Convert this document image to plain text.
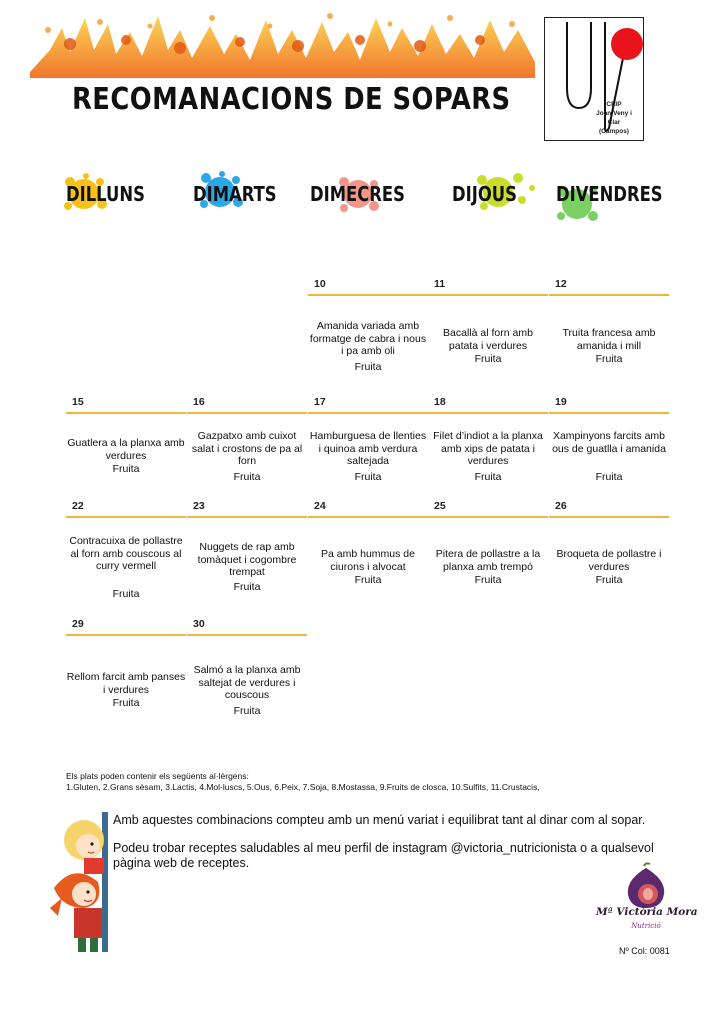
RECOMANACIONS DE SOPARS	CEIP
Joan Veny i
Clar
(Campos)
DILLUNS DIMARTS DIMECRES DIJOUS DIVENDRES
10
Amanida variada amb formatge de cabra i nous i pa amb oli
Fruita
11
Bacallà al forn amb patata i verdures
Fruita
12
Truita francesa amb amanida i mill
Fruita
15
Guatlera a la planxa amb verdures
Fruita
16
Gazpatxo amb cuixot salat i crostons de pa al forn
Fruita
17
Hamburguesa de llenties i quinoa amb verdura saltejada
Fruita
18
Filet d’indiot a la planxa amb xips de patata i verdures
Fruita
19
Xampinyons farcits amb ous de guatlla i amanida
Fruita
22
Contracuixa de pollastre al forn amb couscous al curry vermell
Fruita
23
Nuggets de rap amb tomàquet i cogombre trempat
Fruita
24
Pa amb hummus de ciurons i alvocat
Fruita
25
Pitera de pollastre a la planxa amb trempó
Fruita
26
Broqueta de pollastre i verdures
Fruita
29
Rellom farcit amb panses i verdures
Fruita
30
Salmó a la planxa amb saltejat de verdures i couscous
Fruita
Els plats poden contenir els següents al·lèrgens:
1.Gluten, 2.Grans sèsam, 3.Lactis, 4.Mol-luscs, 5.Ous, 6.Peix, 7.Soja, 8.Mostassa, 9.Fruits de closca, 10.Sulfits, 11.Crustacis,

Amb aquestes combinacions compteu amb un menú variat i equilibrat tant al dinar com al sopar.

Podeu trobar receptes saludables al meu perfil de instagram @victoria_nutricionista o a qualsevol pàgina web de receptes.

Mª Victòria Mora
Nutrició
Nº Col: 0081
